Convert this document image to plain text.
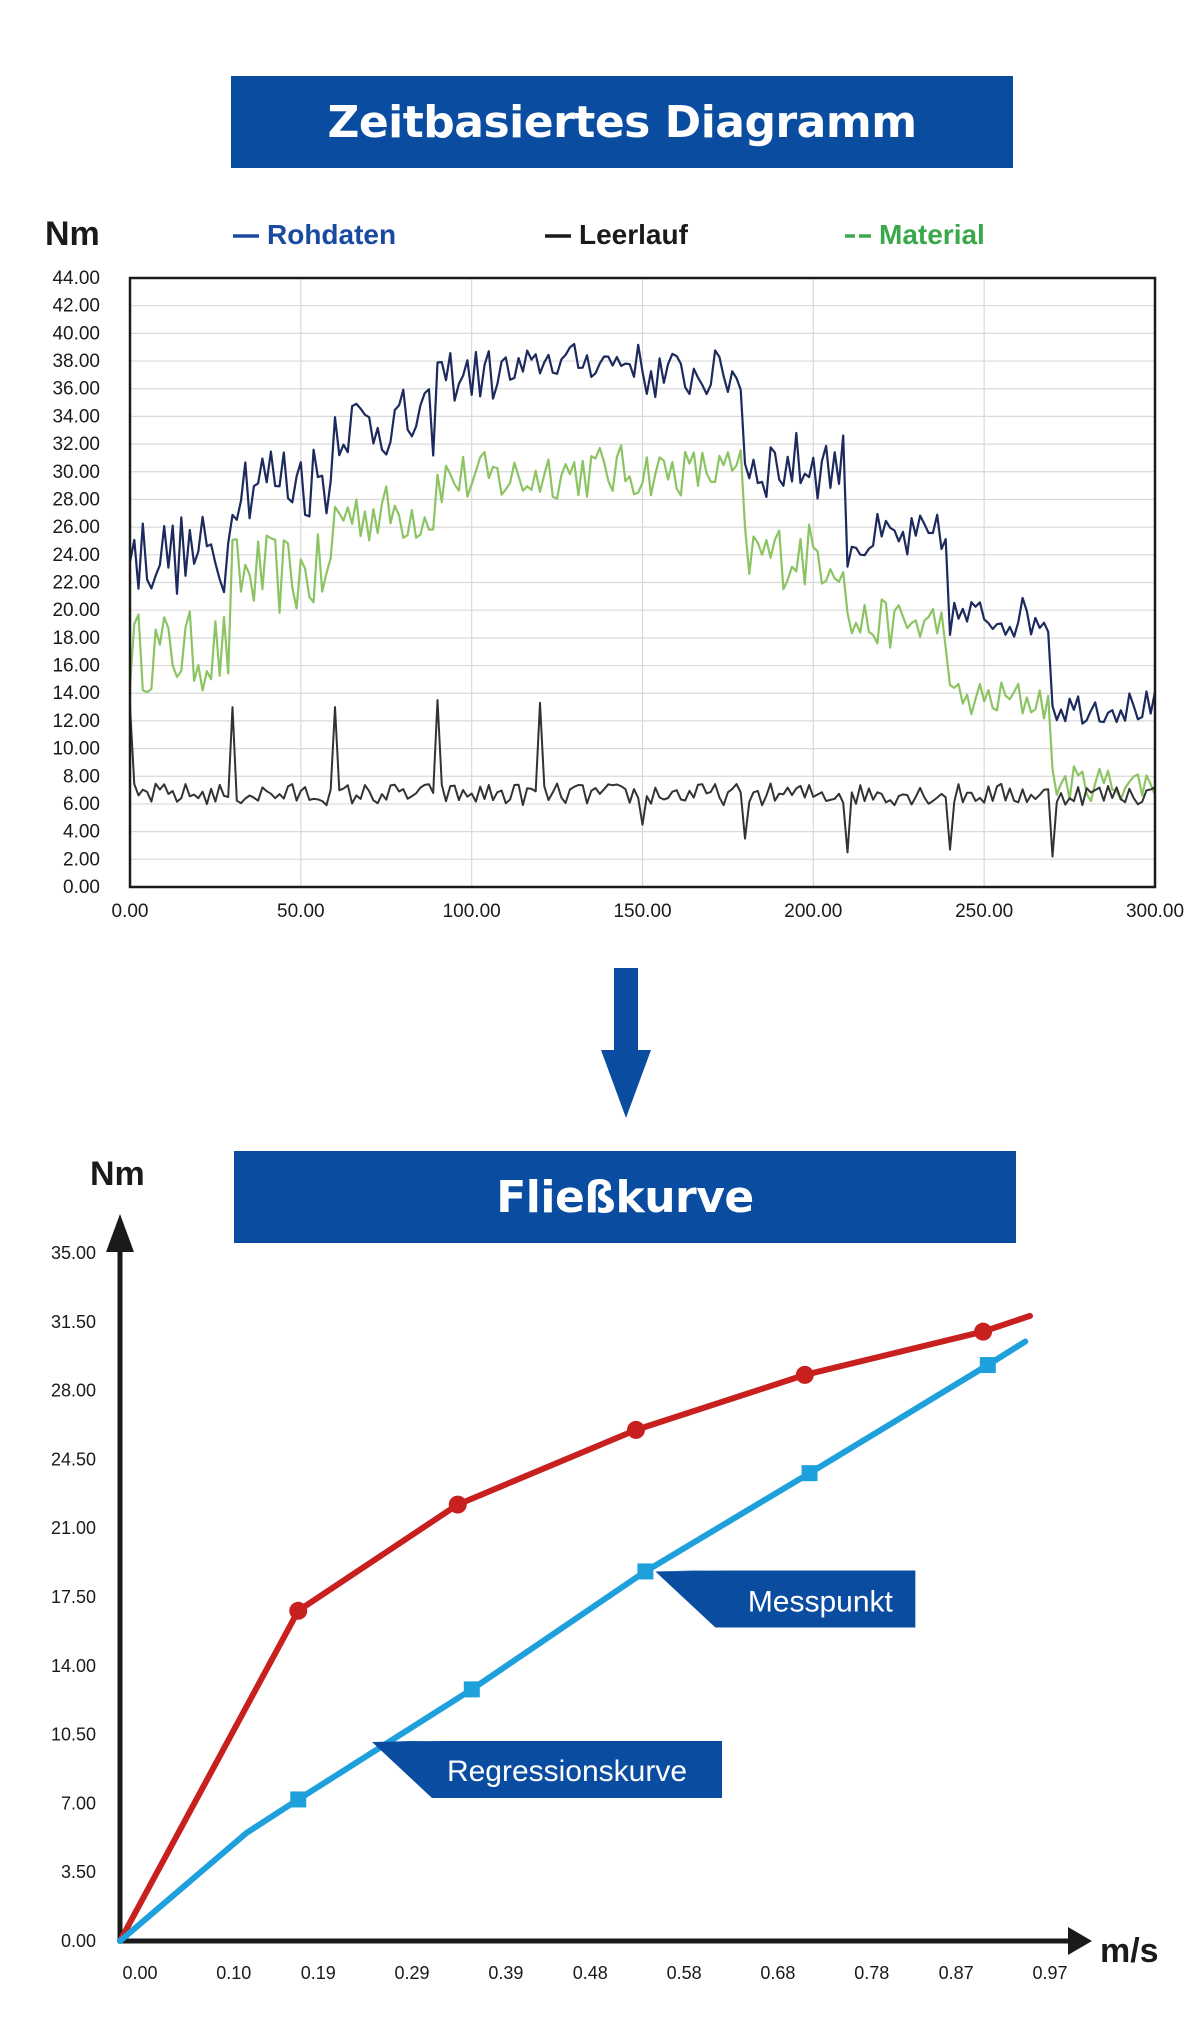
Zeitbasiertes Diagramm
Fließkurve
Nm	Rohdaten	Leerlauf	Material
0.00
2.00
4.00
6.00
8.00
10.00
12.00
14.00
16.00
18.00
20.00
22.00
24.00
26.00
28.00
30.00
32.00
34.00
36.00
38.00
40.00
42.00
44.00
0.00	50.00	100.00	150.00	200.00	250.00	300.00
Nm
m/s
0.00
3.50
7.00
10.50
14.00
17.50
21.00
24.50
28.00
31.50
35.00
0.00	0.10	0.19	0.29	0.39	0.48	0.58	0.68	0.78	0.87	0.97
Messpunkt
Regressionskurve
